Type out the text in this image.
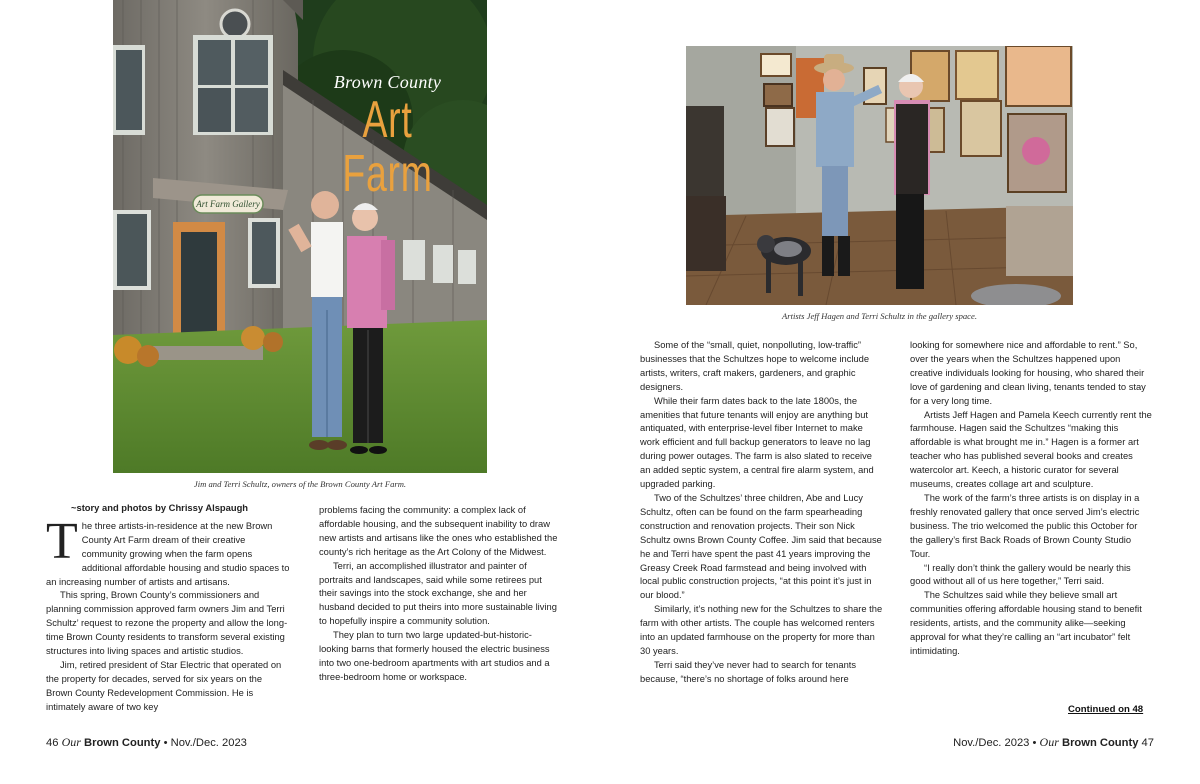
Art Farm Gallery
Brown County
Art Farm
Jim and Terri Schultz, owners of the Brown County Art Farm.
Artists Jeff Hagen and Terri Schultz in the gallery space.
~story and photos by Chrissy Alspaugh
T he three artists-in-residence at the new Brown County Art Farm dream of their creative community growing when the farm opens additional affordable housing and studio spaces to an increasing number of artists and artisans.

This spring, Brown County’s commissioners and planning commission approved farm owners Jim and Terri Schultz’ request to rezone the property and allow the long-time Brown County residents to transform several existing structures into living spaces and artistic studios.

Jim, retired president of Star Electric that operated on the property for decades, served for six years on the Brown County Redevelopment Commission. He is intimately aware of two key

problems facing the community: a complex lack of affordable housing, and the subsequent inability to draw new artists and artisans like the ones who established the county’s rich heritage as the Art Colony of the Midwest.

Terri, an accomplished illustrator and painter of portraits and landscapes, said while some retirees put their savings into the stock exchange, she and her husband decided to put theirs into more sustainable living to hopefully inspire a community solution.

They plan to turn two large updated-but-historic-looking barns that formerly housed the electric business into two one-bedroom apartments with art studios and a three-bedroom home or workspace.

Some of the “small, quiet, nonpolluting, low-traffic” businesses that the Schultzes hope to welcome include artists, writers, craft makers, gardeners, and graphic designers.

While their farm dates back to the late 1800s, the amenities that future tenants will enjoy are anything but antiquated, with enterprise-level fiber Internet to make work efficient and full backup generators to leave no lag during power outages. The farm is also slated to receive an added septic system, a central fire alarm system, and upgraded parking.

Two of the Schultzes’ three children, Abe and Lucy Schultz, often can be found on the farm spearheading construction and renovation projects. Their son Nick Schultz owns Brown County Coffee. Jim said that because he and Terri have spent the past 41 years improving the Greasy Creek Road farmstead and being involved with local public construction projects, “at this point it’s just in our blood.”

Similarly, it’s nothing new for the Schultzes to share the farm with other artists. The couple has welcomed renters into an updated farmhouse on the property for more than 30 years.

Terri said they’ve never had to search for tenants because, “there’s no shortage of folks around here

looking for somewhere nice and affordable to rent.” So, over the years when the Schultzes happened upon creative individuals looking for housing, who shared their love of gardening and clean living, tenants tended to stay for a very long time.

Artists Jeff Hagen and Pamela Keech currently rent the farmhouse. Hagen said the Schultzes “making this affordable is what brought me in.” Hagen is a former art teacher who has published several books and creates watercolor art. Keech, a historic curator for several museums, creates collage art and sculpture.

The work of the farm’s three artists is on display in a freshly renovated gallery that once served Jim’s electric business. The trio welcomed the public this October for the gallery’s first Back Roads of Brown County Studio Tour.

“I really don’t think the gallery would be nearly this good without all of us here together,” Terri said.

The Schultzes said while they believe small art communities offering affordable housing stand to benefit residents, artists, and the community alike—seeking approval for what they’re calling an “art incubator” felt intimidating.

Continued on 48
46 Our Brown County • Nov./Dec. 2023	Nov./Dec. 2023 • Our Brown County 47
